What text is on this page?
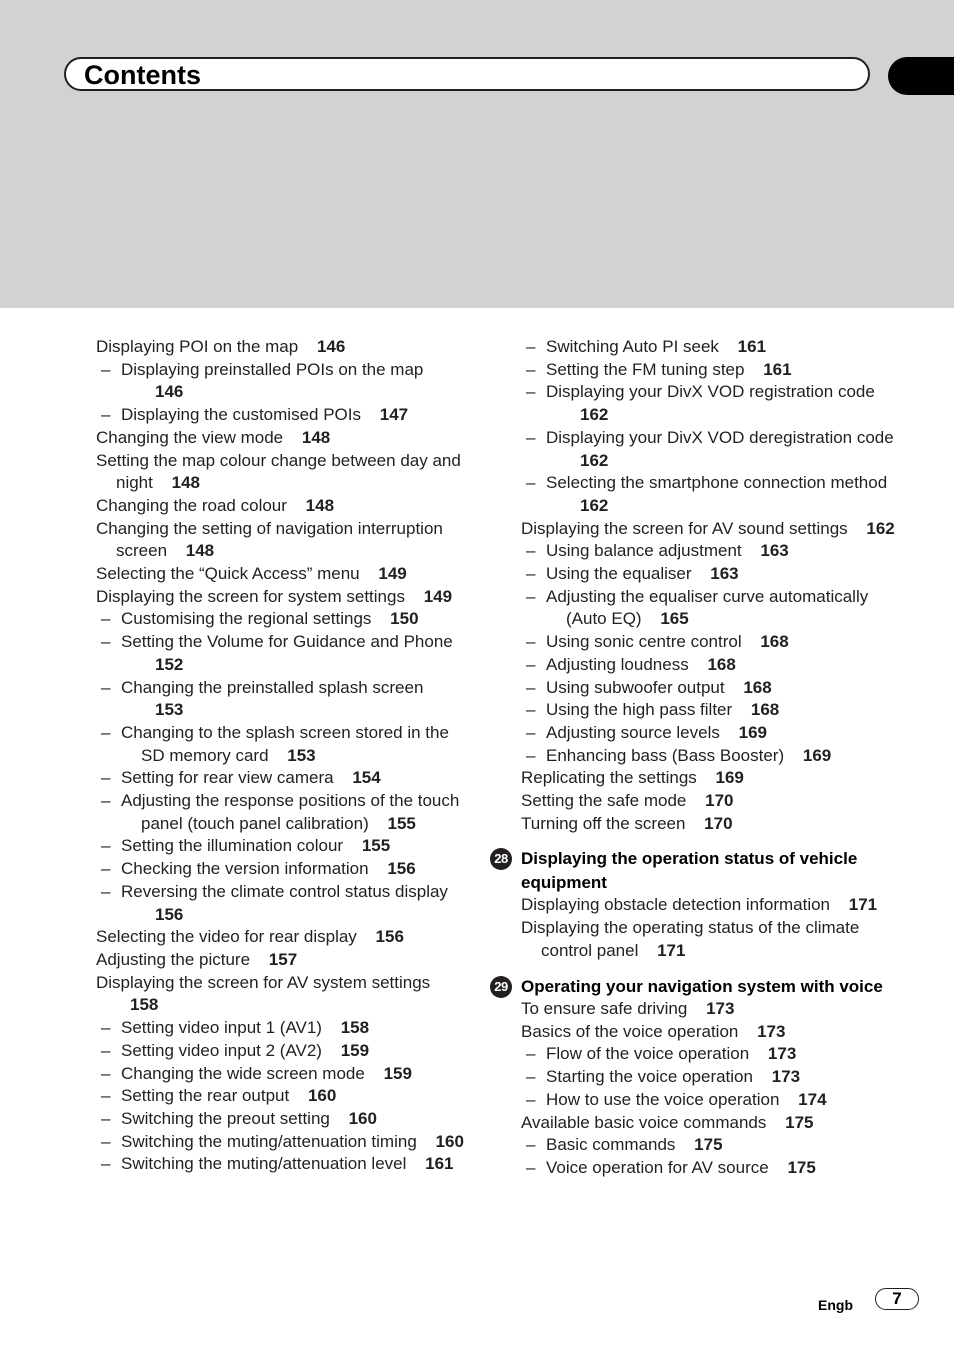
Contents
Displaying POI on the map 146
– Displaying preinstalled POIs on the map 146
– Displaying the customised POIs 147
Changing the view mode 148
Setting the map colour change between day and night 148
Changing the road colour 148
Changing the setting of navigation interruption screen 148
Selecting the “Quick Access” menu 149
Displaying the screen for system settings 149
– Customising the regional settings 150
– Setting the Volume for Guidance and Phone 152
– Changing the preinstalled splash screen 153
– Changing to the splash screen stored in the SD memory card 153
– Setting for rear view camera 154
– Adjusting the response positions of the touch panel (touch panel calibration) 155
– Setting the illumination colour 155
– Checking the version information 156
– Reversing the climate control status display 156
Selecting the video for rear display 156
Adjusting the picture 157
Displaying the screen for AV system settings 158
– Setting video input 1 (AV1) 158
– Setting video input 2 (AV2) 159
– Changing the wide screen mode 159
– Setting the rear output 160
– Switching the preout setting 160
– Switching the muting/attenuation timing 160
– Switching the muting/attenuation level 161
– Switching Auto PI seek 161
– Setting the FM tuning step 161
– Displaying your DivX VOD registration code 162
– Displaying your DivX VOD deregistration code 162
– Selecting the smartphone connection method 162
Displaying the screen for AV sound settings 162
– Using balance adjustment 163
– Using the equaliser 163
– Adjusting the equaliser curve automatically (Auto EQ) 165
– Using sonic centre control 168
– Adjusting loudness 168
– Using subwoofer output 168
– Using the high pass filter 168
– Adjusting source levels 169
– Enhancing bass (Bass Booster) 169
Replicating the settings 169
Setting the safe mode 170
Turning off the screen 170
28 Displaying the operation status of vehicle equipment
Displaying obstacle detection information 171
Displaying the operating status of the climate control panel 171
29 Operating your navigation system with voice
To ensure safe driving 173
Basics of the voice operation 173
– Flow of the voice operation 173
– Starting the voice operation 173
– How to use the voice operation 174
Available basic voice commands 175
– Basic commands 175
– Voice operation for AV source 175
Engb	7
